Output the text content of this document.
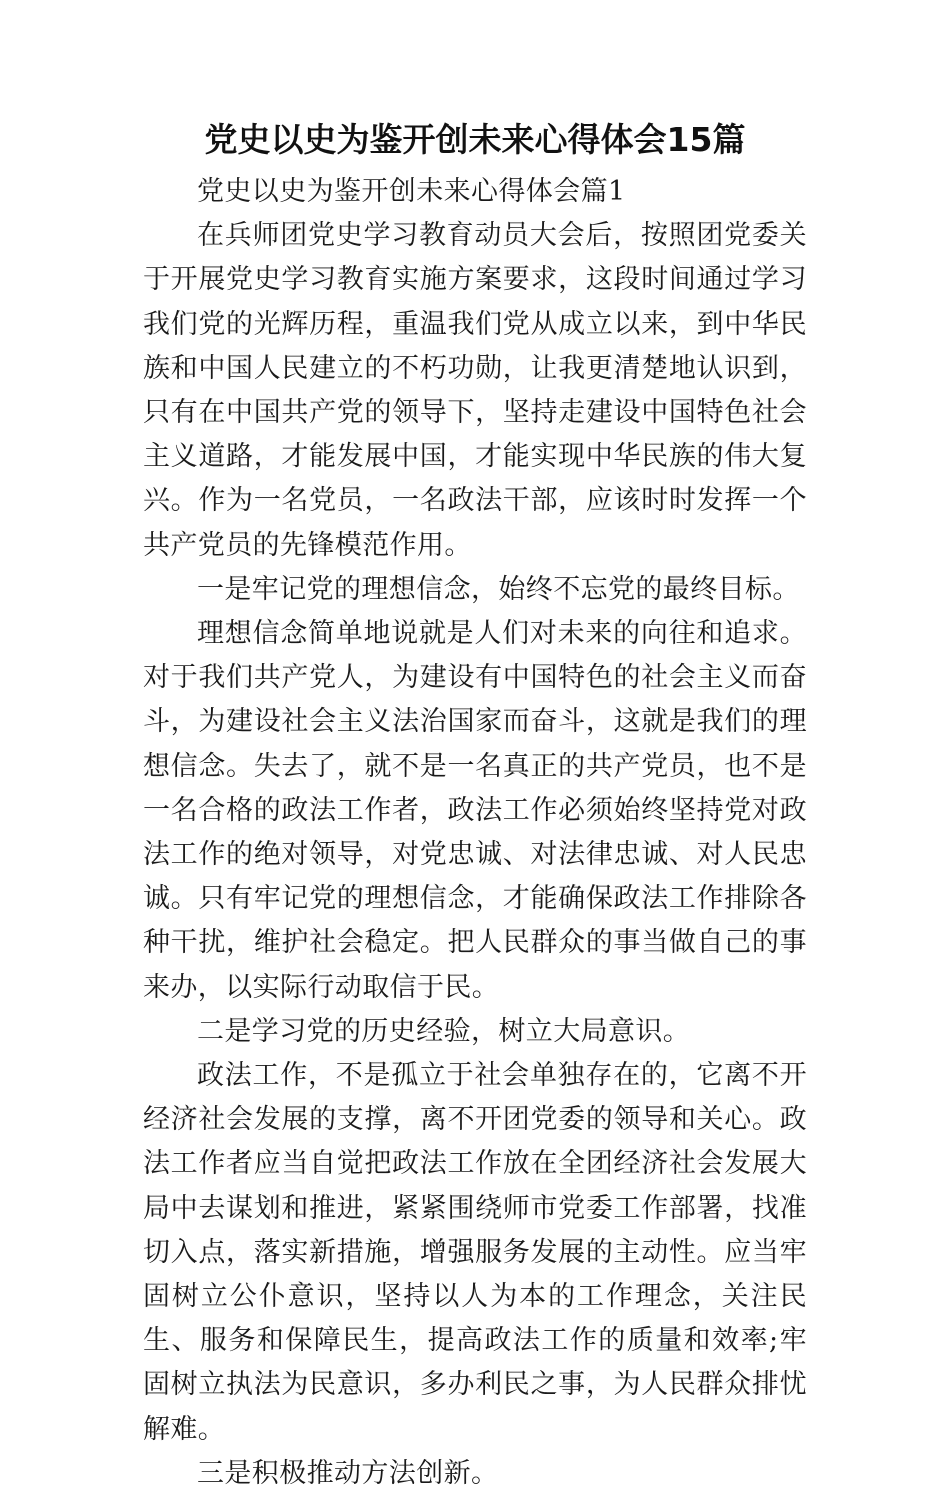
党史以史为鉴开创未来心得体会15篇

党史以史为鉴开创未来心得体会篇1

在兵师团党史学习教育动员大会后，按照团党委关于开展党史学习教育实施方案要求，这段时间通过学习我们党的光辉历程，重温我们党从成立以来，到中华民族和中国人民建立的不朽功勋，让我更清楚地认识到，只有在中国共产党的领导下，坚持走建设中国特色社会主义道路，才能发展中国，才能实现中华民族的伟大复兴。作为一名党员，一名政法干部，应该时时发挥一个共产党员的先锋模范作用。

一是牢记党的理想信念，始终不忘党的最终目标。

理想信念简单地说就是人们对未来的向往和追求。对于我们共产党人，为建设有中国特色的社会主义而奋斗，为建设社会主义法治国家而奋斗，这就是我们的理想信念。失去了，就不是一名真正的共产党员，也不是一名合格的政法工作者，政法工作必须始终坚持党对政法工作的绝对领导，对党忠诚、对法律忠诚、对人民忠诚。只有牢记党的理想信念，才能确保政法工作排除各种干扰，维护社会稳定。把人民群众的事当做自己的事来办，以实际行动取信于民。

二是学习党的历史经验，树立大局意识。

政法工作，不是孤立于社会单独存在的，它离不开经济社会发展的支撑，离不开团党委的领导和关心。政法工作者应当自觉把政法工作放在全团经济社会发展大局中去谋划和推进，紧紧围绕师市党委工作部署，找准切入点，落实新措施，增强服务发展的主动性。应当牢固树立公仆意识，坚持以人为本的工作理念，关注民生、服务和保障民生，提高政法工作的质量和效率;牢固树立执法为民意识，多办利民之事，为人民群众排忧解难。

三是积极推动方法创新。
